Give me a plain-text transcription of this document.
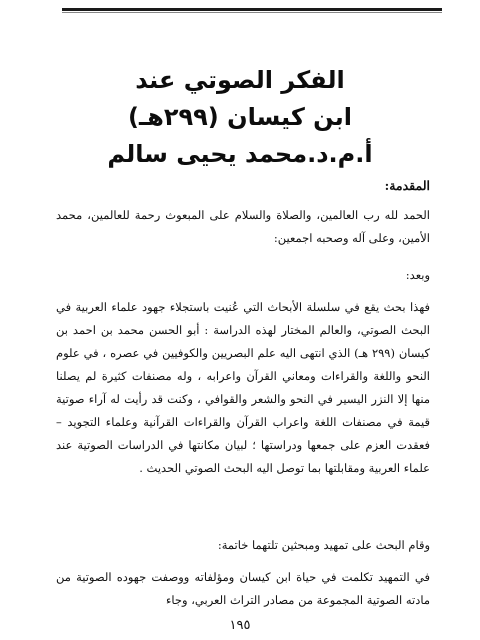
الفكر الصوتي عند

ابن كيسان (٢٩٩هـ)

أ.م.د.محمد يحيى سالم

المقدمة:

الحمد لله رب العالمين، والصلاة والسلام على المبعوث رحمة للعالمين، محمد الأمين، وعلى آله وصحبه اجمعين:

وبعد:

فهذا بحث يقع في سلسلة الأبحاث التي عُنيت باستجلاء جهود علماء العربية في البحث الصوتي، والعالم المختار لهذه الدراسة : أبو الحسن محمد بن احمد بن كيسان (٢٩٩ هـ) الذي انتهى اليه علم البصريين والكوفيين في عصره ، في علوم النحو واللغة والقراءات ومعاني القرآن واعرابه ، وله مصنفات كثيرة لم يصلنا منها إلا النزر اليسير في النحو والشعر والقوافي ، وكنت قد رأيت له آراء صوتية قيمة في مصنفات اللغة واعراب القرآن والقراءات القرآنية وعلماء التجويد – فعقدت العزم على جمعها ودراستها ؛ لبيان مكانتها في الدراسات الصوتية عند علماء العربية ومقابلتها بما توصل اليه البحث الصوتي الحديث .

وقام البحث على تمهيد ومبحثين تلتهما خاتمة:

في التمهيد تكلمت في حياة ابن كيسان ومؤلفاته ووصفت جهوده الصوتية من مادته الصوتية المجموعة من مصادر التراث العربي، وجاء

١٩٥
